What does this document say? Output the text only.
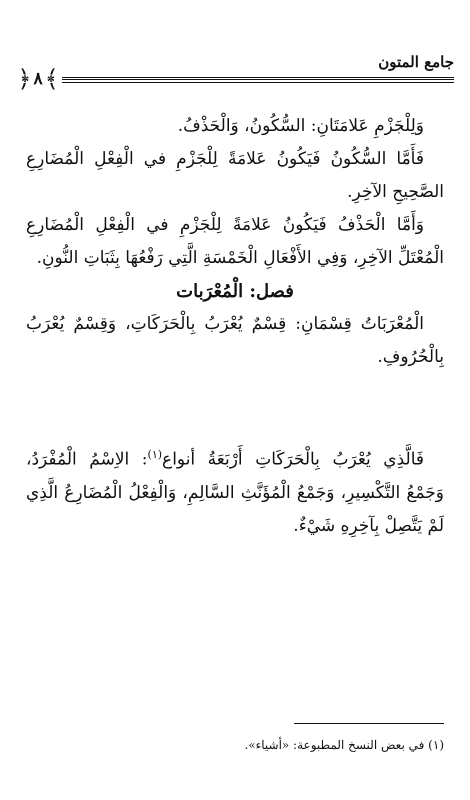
جامع المتون
﴾
٨
﴿

وَلِلْجَزْمِ عَلامَتَانِ: السُّكُونُ، وَالْحَذْفُ.

فَأَمَّا السُّكُونُ فَيَكُونُ عَلامَةً لِلْجَزْمِ في الْفِعْلِ الْمُضَارِعِ الصَّحِيحِ الآخِرِ.

وَأَمَّا الْحَذْفُ فَيَكُونُ عَلامَةً لِلْجَزْمِ في الْفِعْلِ الْمُضَارِعِ الْمُعْتَلِّ الآخِرِ، وَفِي الأَفْعَالِ الْخَمْسَةِ الَّتِي رَفْعُهَا بِثَبَاتِ النُّونِ.

فصل: الْمُعْرَبات

الْمُعْرَبَاتُ قِسْمَانِ: قِسْمٌ يُعْرَبُ بِالْحَرَكَاتِ، وَقِسْمٌ يُعْرَبُ بِالْحُرُوفِ.

فَالَّذِي يُعْرَبُ بِالْحَرَكَاتِ أَرْبَعَةُ أنواع$^{(١)}$: الاِسْمُ الْمُفْرَدُ، وَجَمْعُ التَّكْسِيرِ، وَجَمْعُ الْمُؤَنَّثِ السَّالِمِ، وَالْفِعْلُ الْمُضَارِعُ الَّذِي لَمْ يَتَّصِلْ بِآخِرِهِ شَيْءٌ.

(١) في بعض النسخ المطبوعة: «أشياء».
